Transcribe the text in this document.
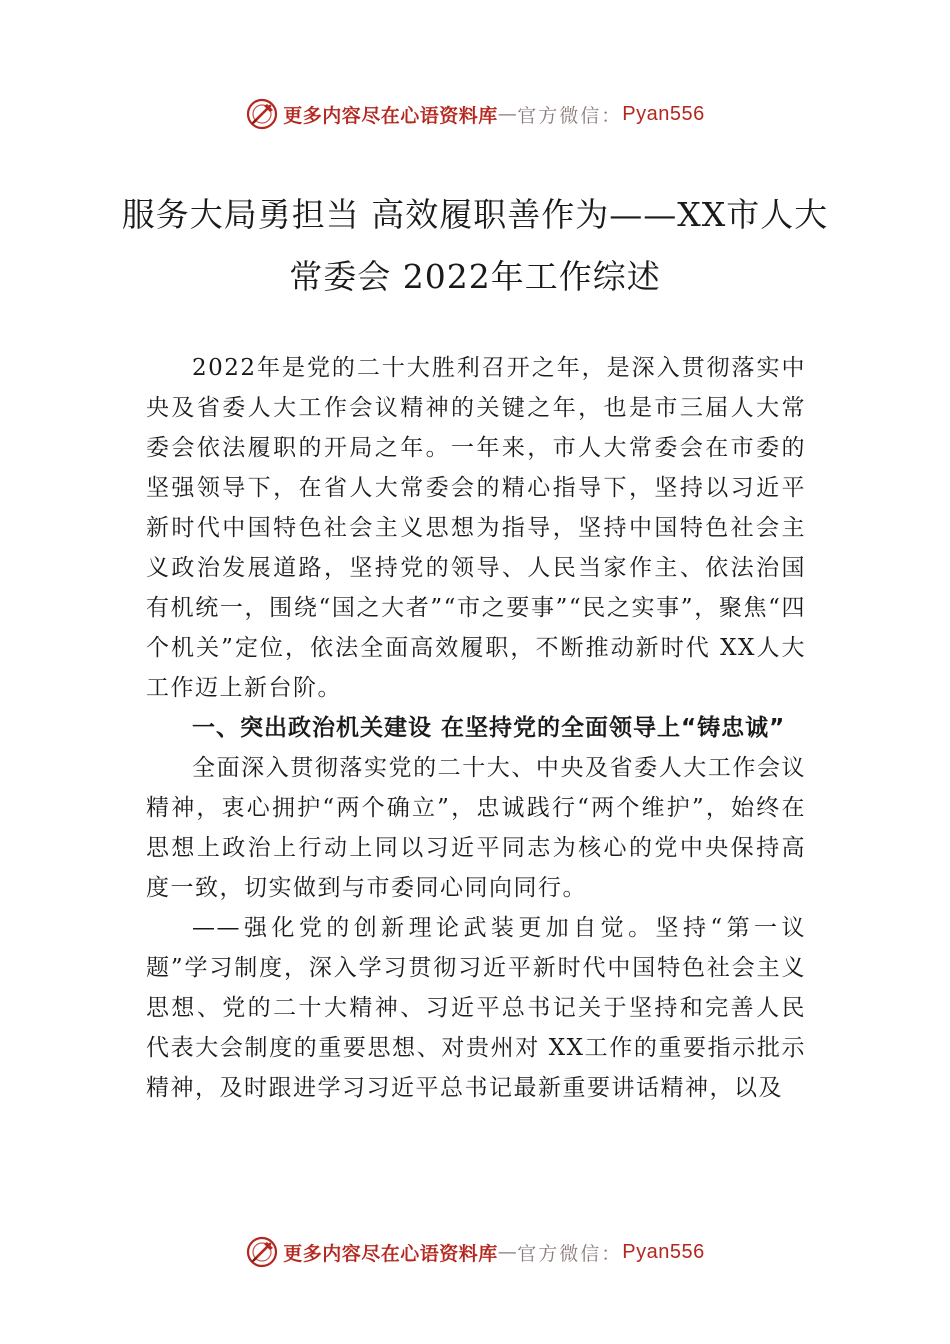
更多内容尽在心语资料库 — 官方微信： Pyan556
服务大局勇担当 高效履职善作为——XX市人大常委会 2022年工作综述

2022年是党的二十大胜利召开之年，是深入贯彻落实中央及省委人大工作会议精神的关键之年，也是市三届人大常委会依法履职的开局之年。一年来，市人大常委会在市委的坚强领导下，在省人大常委会的精心指导下，坚持以习近平新时代中国特色社会主义思想为指导，坚持中国特色社会主义政治发展道路，坚持党的领导、人民当家作主、依法治国有机统一，围绕“国之大者”“市之要事”“民之实事”，聚焦“四个机关”定位，依法全面高效履职，不断推动新时代 XX人大工作迈上新台阶。

一、突出政治机关建设 在坚持党的全面领导上“铸忠诚”

全面深入贯彻落实党的二十大、中央及省委人大工作会议精神，衷心拥护“两个确立”，忠诚践行“两个维护”，始终在思想上政治上行动上同以习近平同志为核心的党中央保持高度一致，切实做到与市委同心同向同行。

——强化党的创新理论武装更加自觉。坚持“第一议题”学习制度，深入学习贯彻习近平新时代中国特色社会主义思想、党的二十大精神、习近平总书记关于坚持和完善人民代表大会制度的重要思想、对贵州对 XX工作的重要指示批示精神，及时跟进学习习近平总书记最新重要讲话精神，以及

更多内容尽在心语资料库 — 官方微信： Pyan556
